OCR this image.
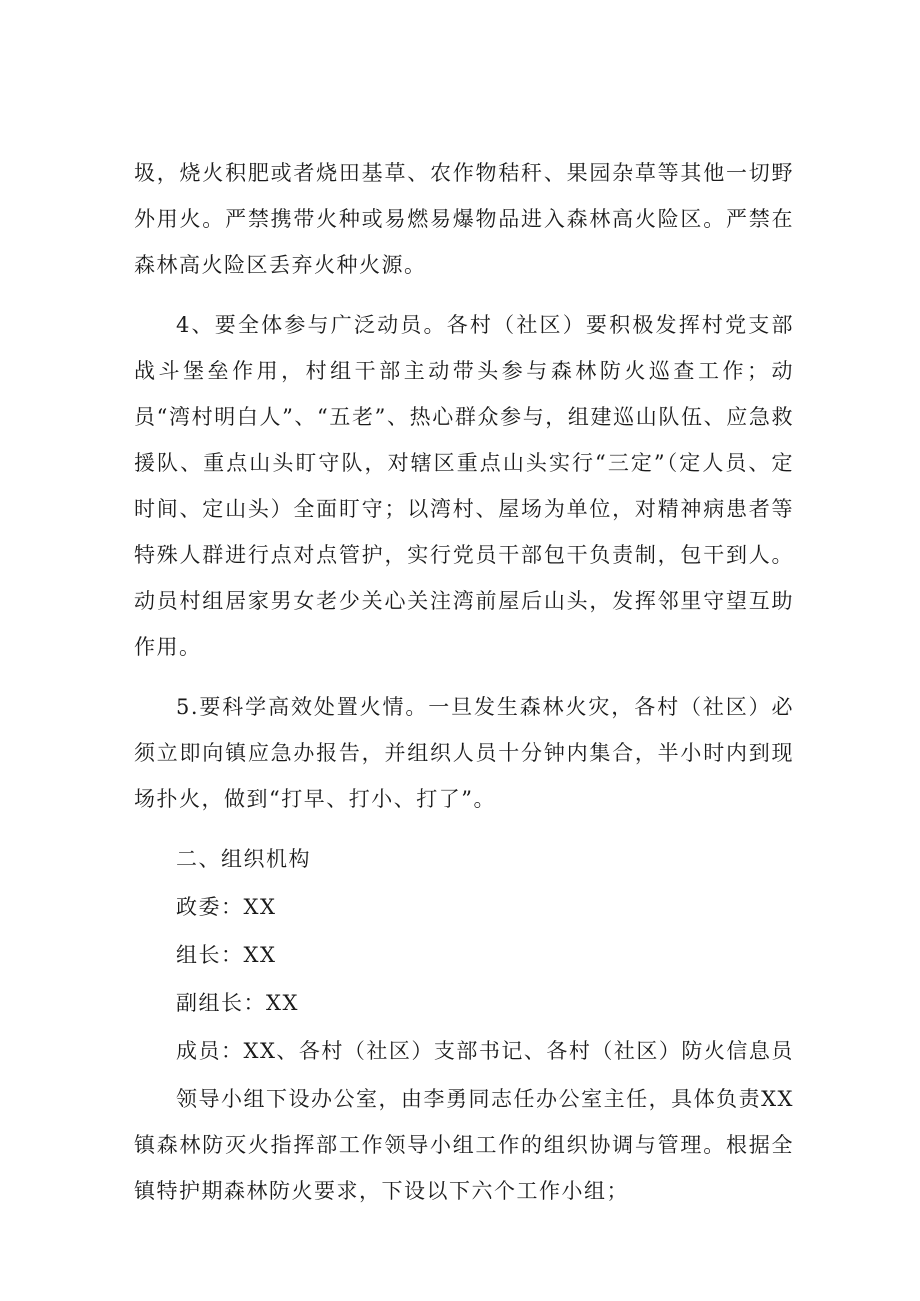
圾，烧火积肥或者烧田基草、农作物秸秆、果园杂草等其他一切野外用火。严禁携带火种或易燃易爆物品进入森林高火险区。严禁在森林高火险区丢弃火种火源。

4、要全体参与广泛动员。各村（社区）要积极发挥村党支部战斗堡垒作用，村组干部主动带头参与森林防火巡查工作；动员“湾村明白人”、“五老”、热心群众参与，组建巡山队伍、应急救援队、重点山头盯守队，对辖区重点山头实行“三定”（定人员、定时间、定山头）全面盯守；以湾村、屋场为单位，对精神病患者等特殊人群进行点对点管护，实行党员干部包干负责制，包干到人。动员村组居家男女老少关心关注湾前屋后山头，发挥邻里守望互助作用。

5.要科学高效处置火情。一旦发生森林火灾，各村（社区）必须立即向镇应急办报告，并组织人员十分钟内集合，半小时内到现场扑火，做到“打早、打小、打了”。

二、组织机构

政委：XX

组长：XX

副组长：XX

成员：XX、各村（社区）支部书记、各村（社区）防火信息员

领导小组下设办公室，由李勇同志任办公室主任，具体负责XX镇森林防灭火指挥部工作领导小组工作的组织协调与管理。根据全镇特护期森林防火要求，下设以下六个工作小组；
